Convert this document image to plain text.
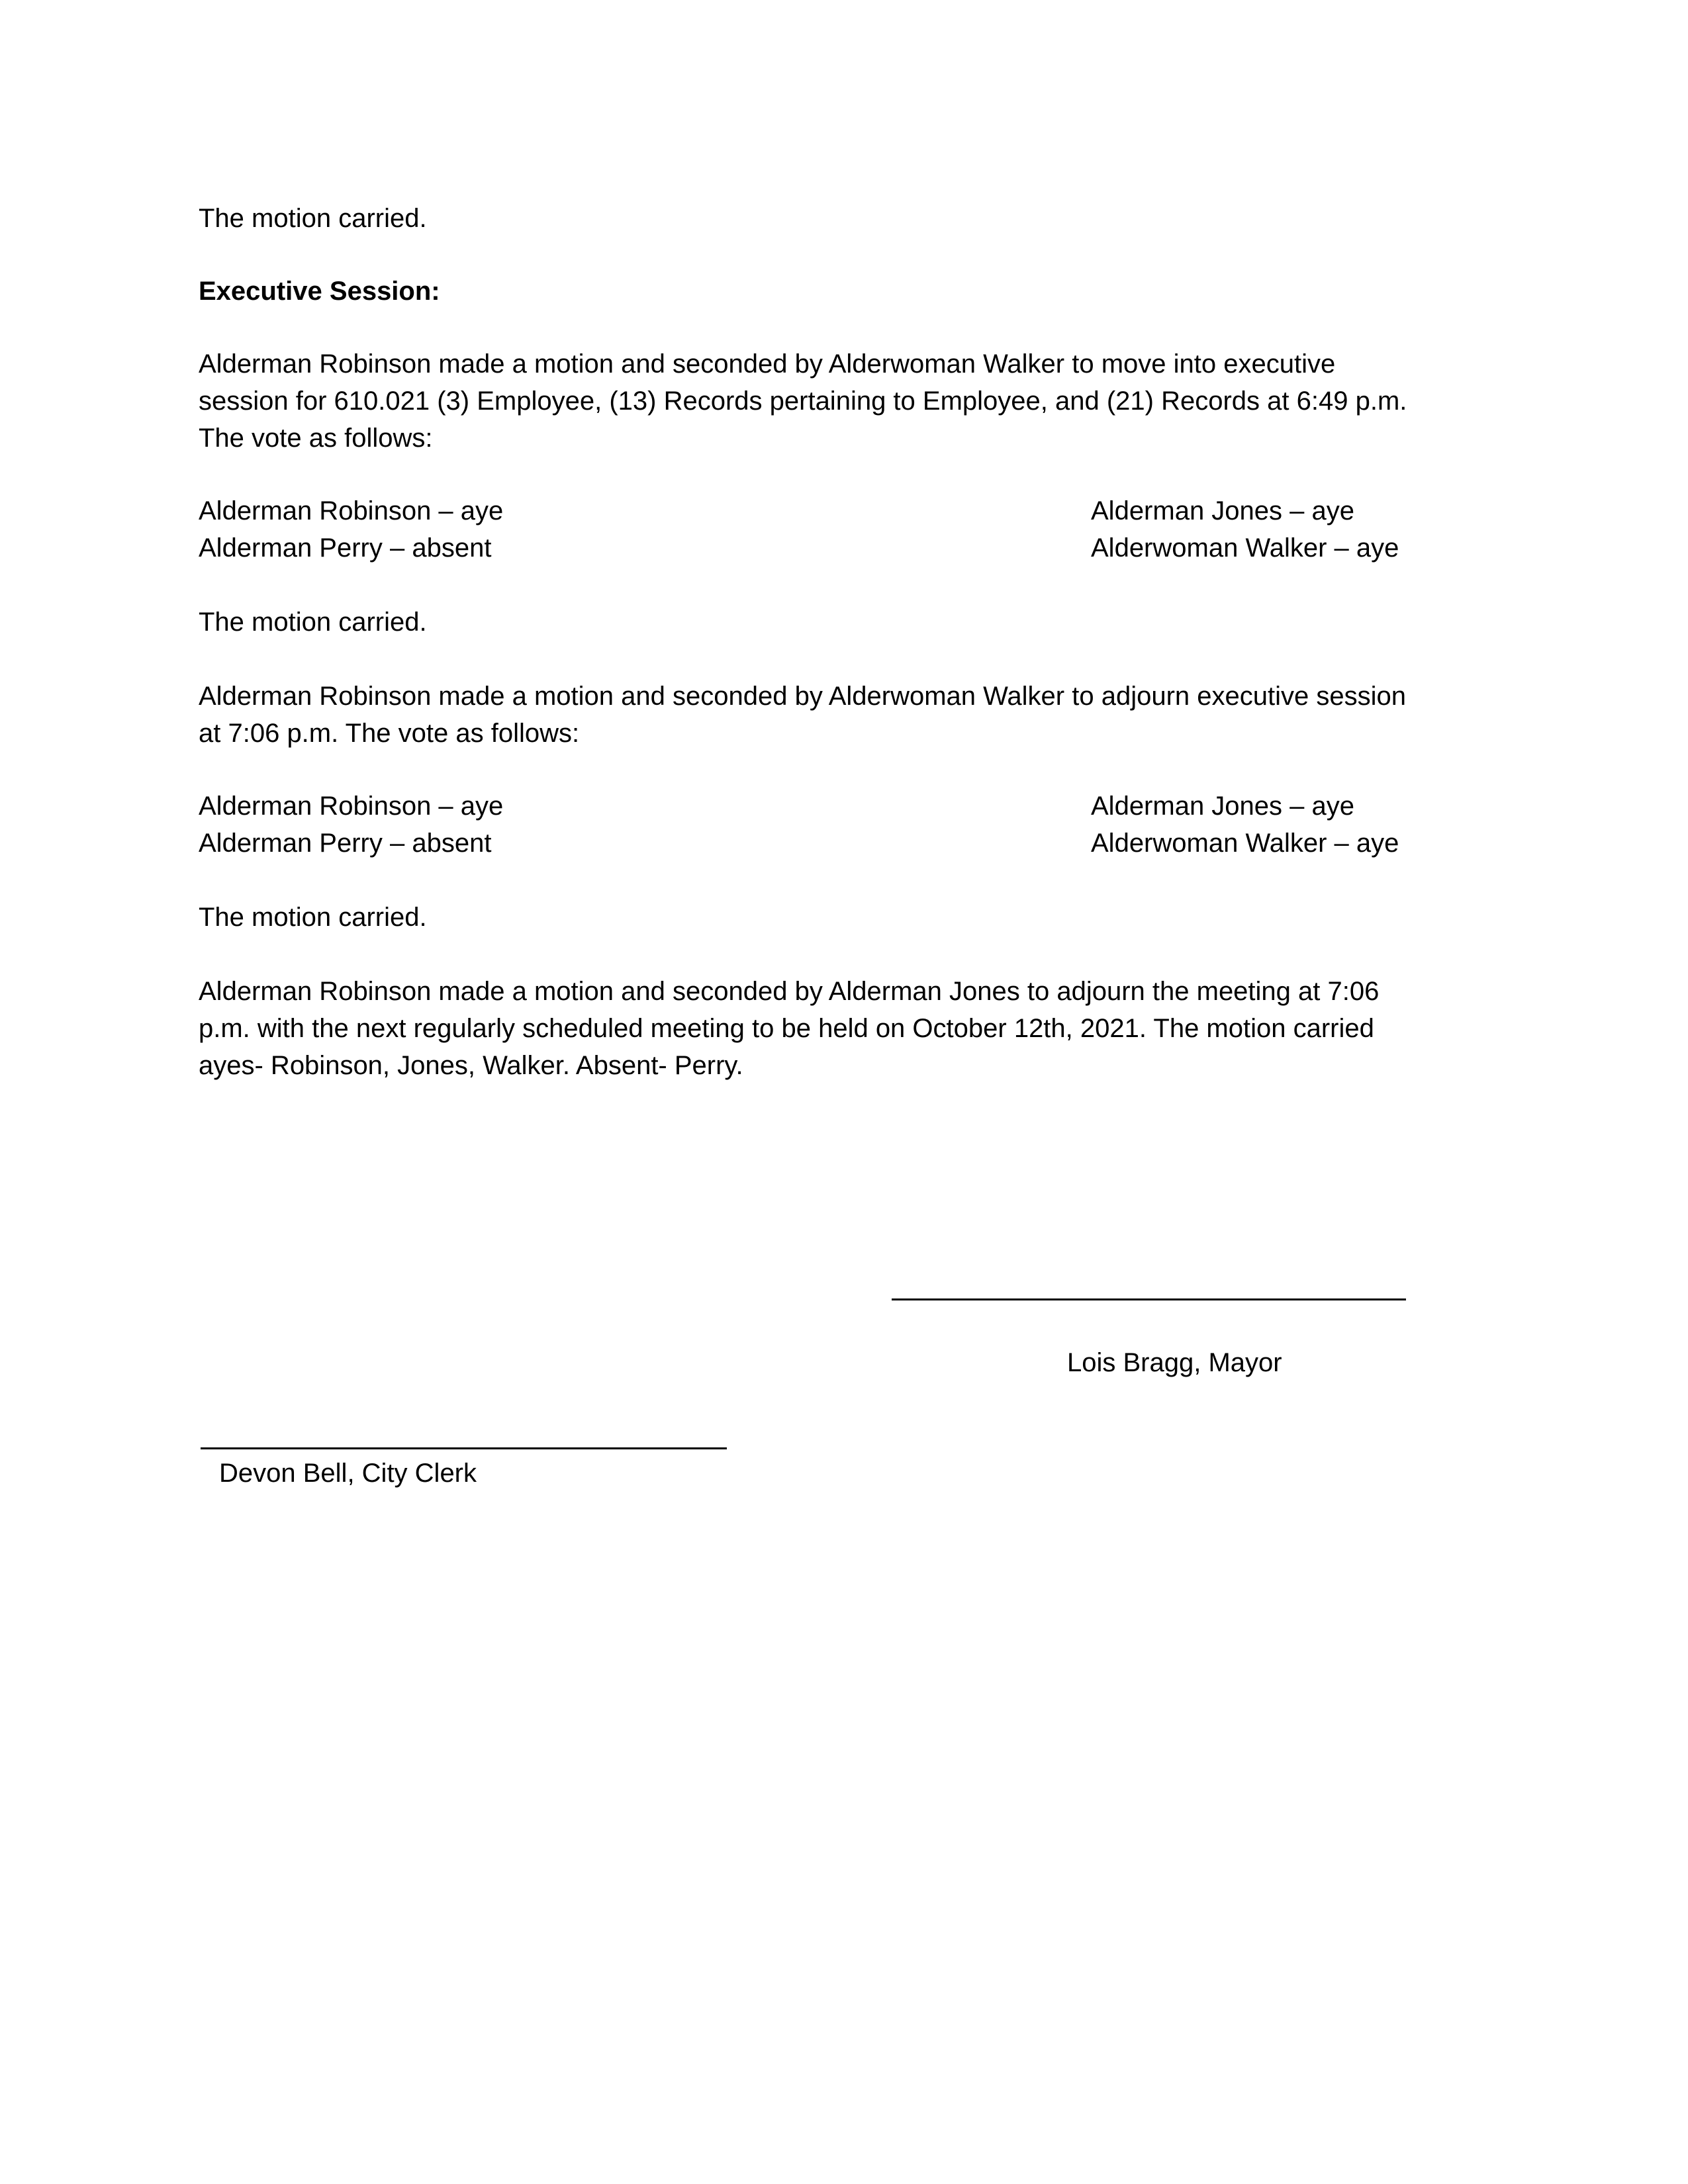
The motion carried.
Executive Session:
Alderman Robinson made a motion and seconded by Alderwoman Walker to move into executive
session for 610.021 (3) Employee, (13) Records pertaining to Employee, and (21) Records at 6:49 p.m.
The vote as follows:
Alderman Robinson – aye
Alderman Perry – absent
Alderman Jones – aye
Alderwoman Walker – aye
The motion carried.
Alderman Robinson made a motion and seconded by Alderwoman Walker to adjourn executive session
at 7:06 p.m. The vote as follows:
Alderman Robinson – aye
Alderman Perry – absent
Alderman Jones – aye
Alderwoman Walker – aye
The motion carried.
Alderman Robinson made a motion and seconded by Alderman Jones to adjourn the meeting at 7:06
p.m. with the next regularly scheduled meeting to be held on October 12th, 2021. The motion carried
ayes- Robinson, Jones, Walker. Absent- Perry.
Lois Bragg, Mayor
Devon Bell, City Clerk
